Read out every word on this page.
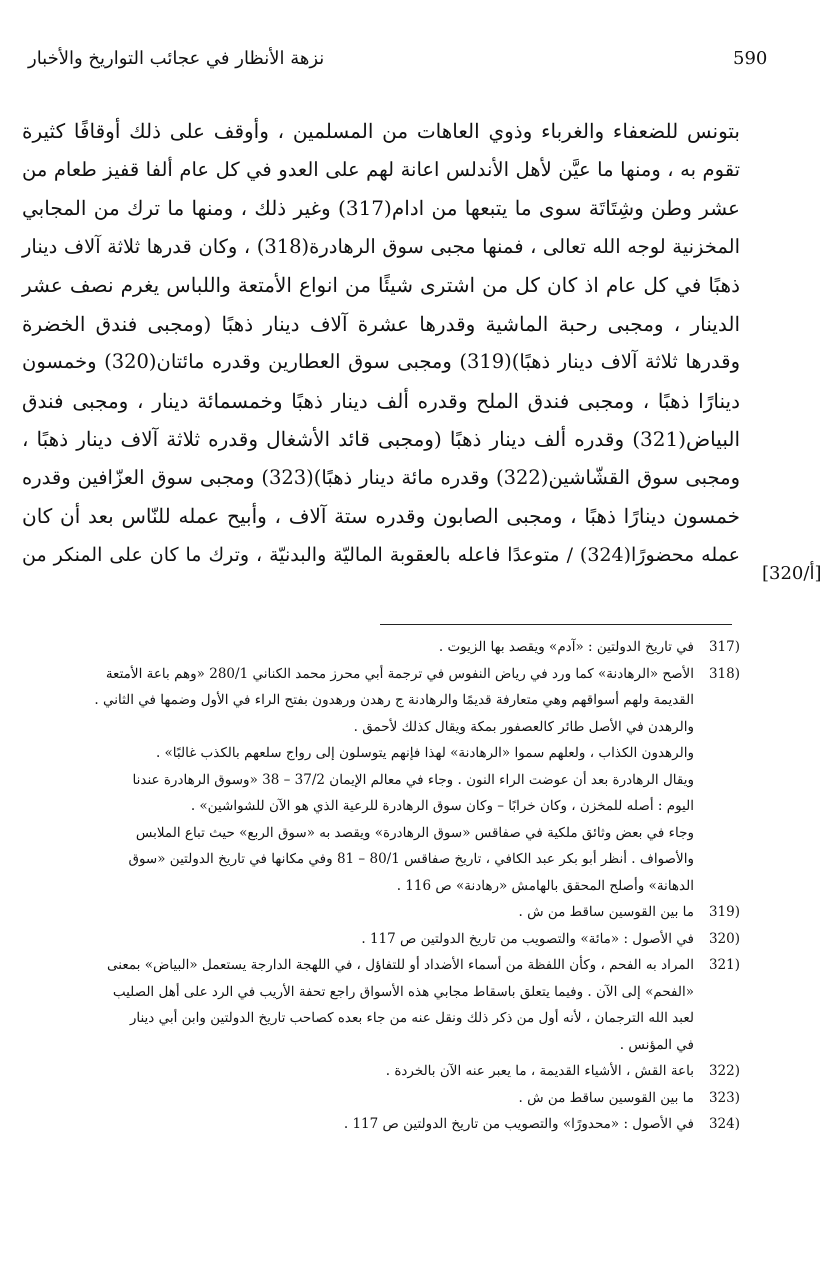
نزهة الأنظار في عجائب التواريخ والأخبار	590
بتونس للضعفاء والغرباء وذوي العاهات من المسلمين ، وأوقف على ذلك أوقافًا كثيرة
تقوم به ، ومنها ما عيَّن لأهل الأندلس اعانة لهم على العدو في كل عام ألفا قفيز طعام من
عشر وطن وشِتَاتَة سوى ما يتبعها من ادام(317) وغير ذلك ، ومنها ما ترك من المجابي
المخزنية لوجه الله تعالى ، فمنها مجبى سوق الرهادرة(318) ، وكان قدرها ثلاثة آلاف دينار
ذهبًا في كل عام اذ كان كل من اشترى شيئًا من انواع الأمتعة واللباس يغرم نصف عشر
الدينار ، ومجبى رحبة الماشية وقدرها عشرة آلاف دينار ذهبًا (ومجبى فندق الخضرة
وقدرها ثلاثة آلاف دينار ذهبًا)(319) ومجبى سوق العطارين وقدره مائتان(320) وخمسون
دينارًا ذهبًا ، ومجبى فندق الملح وقدره ألف دينار ذهبًا وخمسمائة دينار ، ومجبى فندق
البياض(321) وقدره ألف دينار ذهبًا (ومجبى قائد الأشغال وقدره ثلاثة آلاف دينار ذهبًا ،
ومجبى سوق القشّاشين(322) وقدره مائة دينار ذهبًا)(323) ومجبى سوق العزّافين وقدره
خمسون دينارًا ذهبًا ، ومجبى الصابون وقدره ستة آلاف ، وأبيح عمله للنّاس بعد أن كان
عمله محضورًا(324) / متوعدًا فاعله بالعقوبة الماليّة والبدنيّة ، وترك ما كان على المنكر من
[320/أ]
317)
في تاريخ الدولتين : «آدم» ويقصد بها الزيوت .
318)
الأصح «الرهادنة» كما ورد في رياض النفوس في ترجمة أبي محرز محمد الكناني 280/1 «وهم باعة الأمتعة
القديمة ولهم أسواقهم وهي متعارفة قديمًا والرهادنة ج رهدن ورهدون بفتح الراء في الأول وضمها في الثاني .
والرهدن في الأصل طائر كالعصفور بمكة ويقال كذلك لأحمق .
والرهدون الكذاب ، ولعلهم سموا «الرهادنة» لهذا فإنهم يتوسلون إلى رواج سلعهم بالكذب غالبًا» .
ويقال الرهادرة بعد أن عوضت الراء النون . وجاء في معالم الإيمان 37/2 – 38 «وسوق الرهادرة عندنا
اليوم : أصله للمخزن ، وكان خرابًا – وكان سوق الرهادرة للرعية الذي هو الآن للشواشين» .
وجاء في بعض وثائق ملكية في صفاقس «سوق الرهادرة» ويقصد به «سوق الربع» حيث تباع الملابس
والأصواف . أنظر أبو بكر عبد الكافي ، تاريخ صفاقس 80/1 – 81 وفي مكانها في تاريخ الدولتين «سوق
الدهانة» وأصلح المحقق بالهامش «رهادنة» ص 116 .
319)
ما بين القوسين ساقط من ش .
320)
في الأصول : «مائة» والتصويب من تاريخ الدولتين ص 117 .
321)
المراد به الفحم ، وكأن اللفظة من أسماء الأضداد أو للتفاؤل ، في اللهجة الدارجة يستعمل «البياض» بمعنى
«الفحم» إلى الآن . وفيما يتعلق باسقاط مجابي هذه الأسواق راجع تحفة الأريب في الرد على أهل الصليب
لعبد الله الترجمان ، لأنه أول من ذكر ذلك ونقل عنه من جاء بعده كصاحب تاريخ الدولتين وابن أبي دينار
في المؤنس .
322)
باعة القش ، الأشياء القديمة ، ما يعبر عنه الآن بالخردة .
323)
ما بين القوسين ساقط من ش .
324)
في الأصول : «محدورًا» والتصويب من تاريخ الدولتين ص 117 .
